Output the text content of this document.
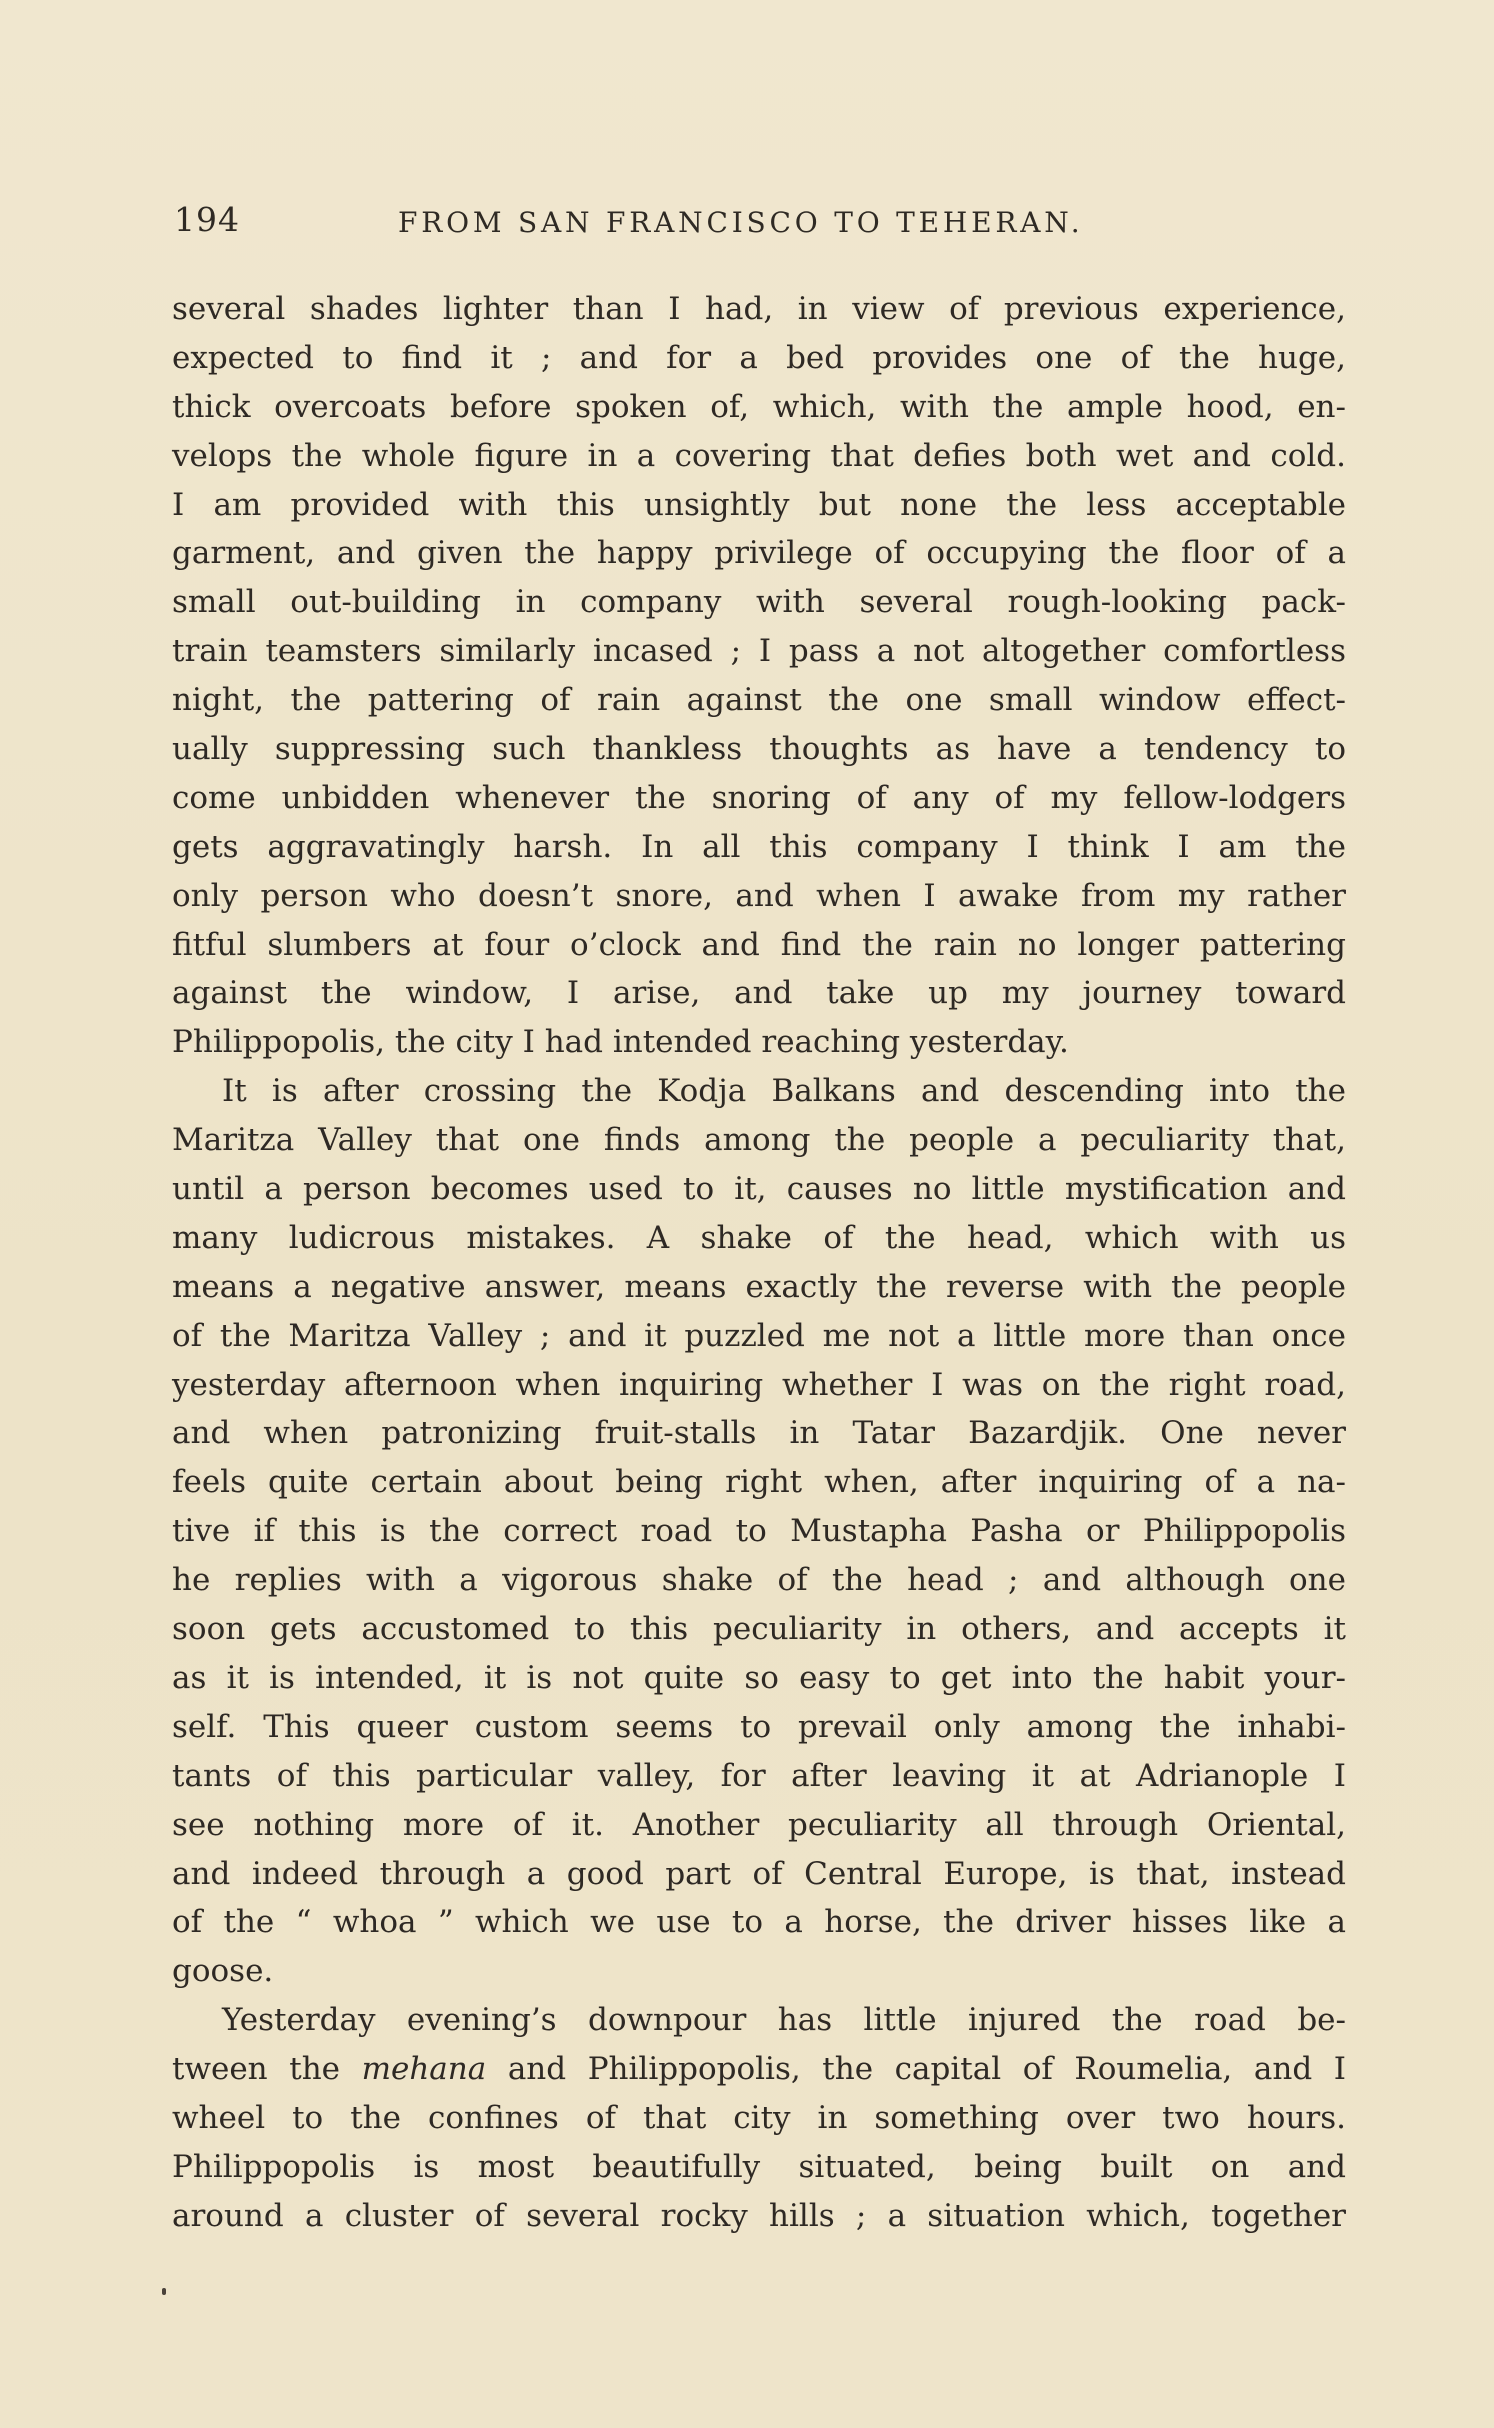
194	FROM SAN FRANCISCO TO TEHERAN.
several shades lighter than I had, in view of previous experience,
expected to find it ; and for a bed provides one of the huge,
thick overcoats before spoken of, which, with the ample hood, en-
velops the whole figure in a covering that defies both wet and cold.
I am provided with this unsightly but none the less acceptable
garment, and given the happy privilege of occupying the floor of a
small out-building in company with several rough-looking pack-
train teamsters similarly incased ; I pass a not altogether comfortless
night, the pattering of rain against the one small window effect-
ually suppressing such thankless thoughts as have a tendency to
come unbidden whenever the snoring of any of my fellow-lodgers
gets aggravatingly harsh. In all this company I think I am the
only person who doesn’t snore, and when I awake from my rather
fitful slumbers at four o’clock and find the rain no longer pattering
against the window, I arise, and take up my journey toward
Philippopolis, the city I had intended reaching yesterday.
It is after crossing the Kodja Balkans and descending into the
Maritza Valley that one finds among the people a peculiarity that,
until a person becomes used to it, causes no little mystification and
many ludicrous mistakes. A shake of the head, which with us
means a negative answer, means exactly the reverse with the people
of the Maritza Valley ; and it puzzled me not a little more than once
yesterday afternoon when inquiring whether I was on the right road,
and when patronizing fruit-stalls in Tatar Bazardjik. One never
feels quite certain about being right when, after inquiring of a na-
tive if this is the correct road to Mustapha Pasha or Philippopolis
he replies with a vigorous shake of the head ; and although one
soon gets accustomed to this peculiarity in others, and accepts it
as it is intended, it is not quite so easy to get into the habit your-
self. This queer custom seems to prevail only among the inhabi-
tants of this particular valley, for after leaving it at Adrianople I
see nothing more of it. Another peculiarity all through Oriental,
and indeed through a good part of Central Europe, is that, instead
of the “ whoa ” which we use to a horse, the driver hisses like a
goose.
Yesterday evening’s downpour has little injured the road be-
tween the mehana and Philippopolis, the capital of Roumelia, and I
wheel to the confines of that city in something over two hours.
Philippopolis is most beautifully situated, being built on and
around a cluster of several rocky hills ; a situation which, together
